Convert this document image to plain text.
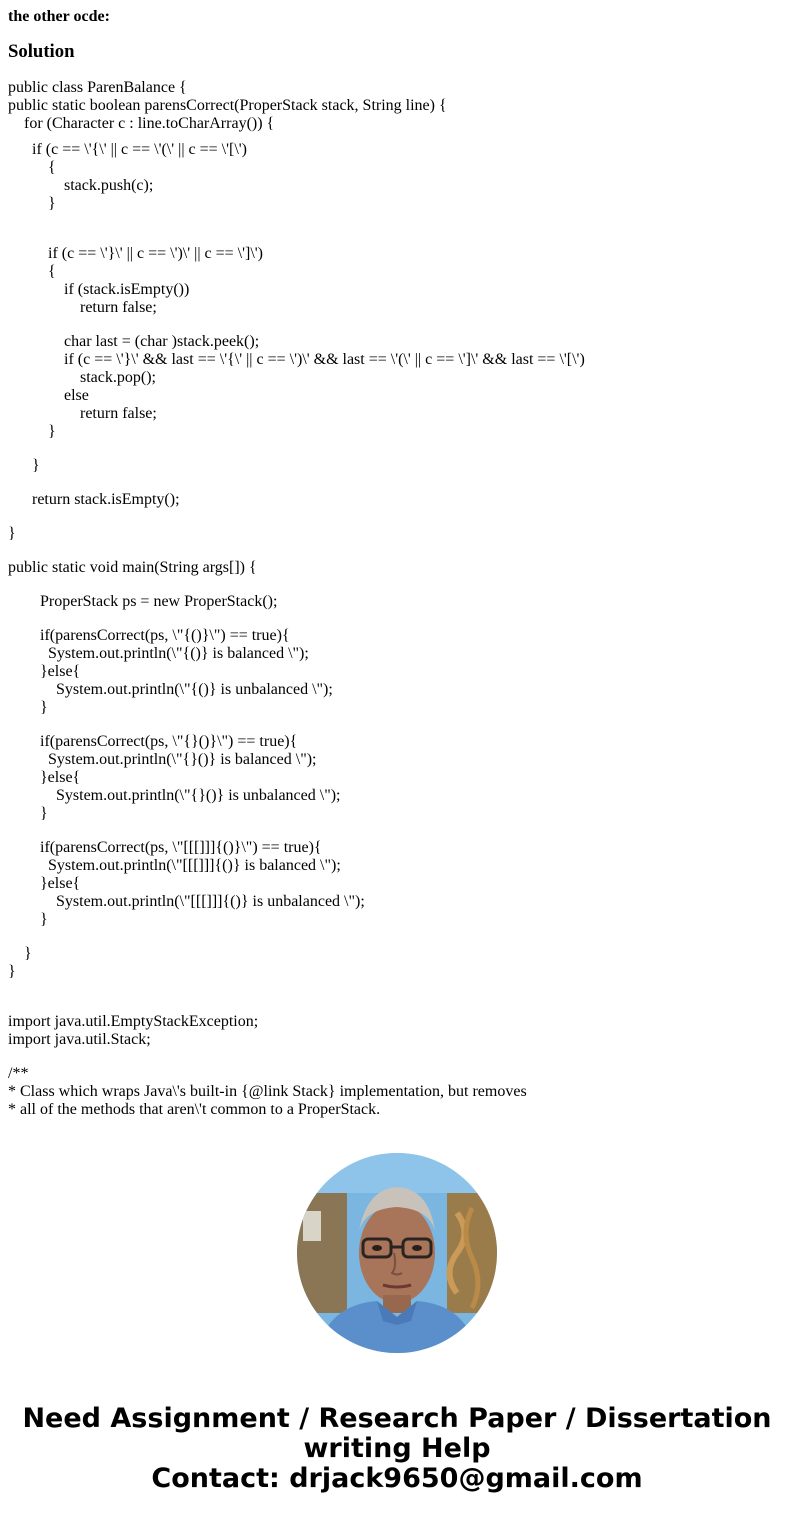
the other ocde:
Solution
public class ParenBalance {
public static boolean parensCorrect(ProperStack stack, String line) {
for (Character c : line.toCharArray()) {
if (c == \'{\' || c == \'(\' || c == \'[\')
{
stack.push(c);
}
if (c == \'}\' || c == \')\' || c == \']\')
{
if (stack.isEmpty())
return false;
char last = (char )stack.peek();
if (c == \'}\' && last == \'{\' || c == \')\' && last == \'(\' || c == \']\' && last == \'[\')
stack.pop();
else
return false;
}
}
return stack.isEmpty();
}
public static void main(String args[]) {
ProperStack ps = new ProperStack();
if(parensCorrect(ps, \"{()}\") == true){
System.out.println(\"{()} is balanced \");
}else{
System.out.println(\"{()} is unbalanced \");
}
if(parensCorrect(ps, \"{}()}\") == true){
System.out.println(\"{}()} is balanced \");
}else{
System.out.println(\"{}()} is unbalanced \");
}
if(parensCorrect(ps, \"[[[]]]{()}\") == true){
System.out.println(\"[[[]]]{()} is balanced \");
}else{
System.out.println(\"[[[]]]{()} is unbalanced \");
}
}
}
import java.util.EmptyStackException;
import java.util.Stack;
/**
* Class which wraps Java\'s built-in {@link Stack} implementation, but removes
* all of the methods that aren\'t common to a ProperStack.
Need Assignment / Research Paper / Dissertation
writing Help
Contact: drjack9650@gmail.com
